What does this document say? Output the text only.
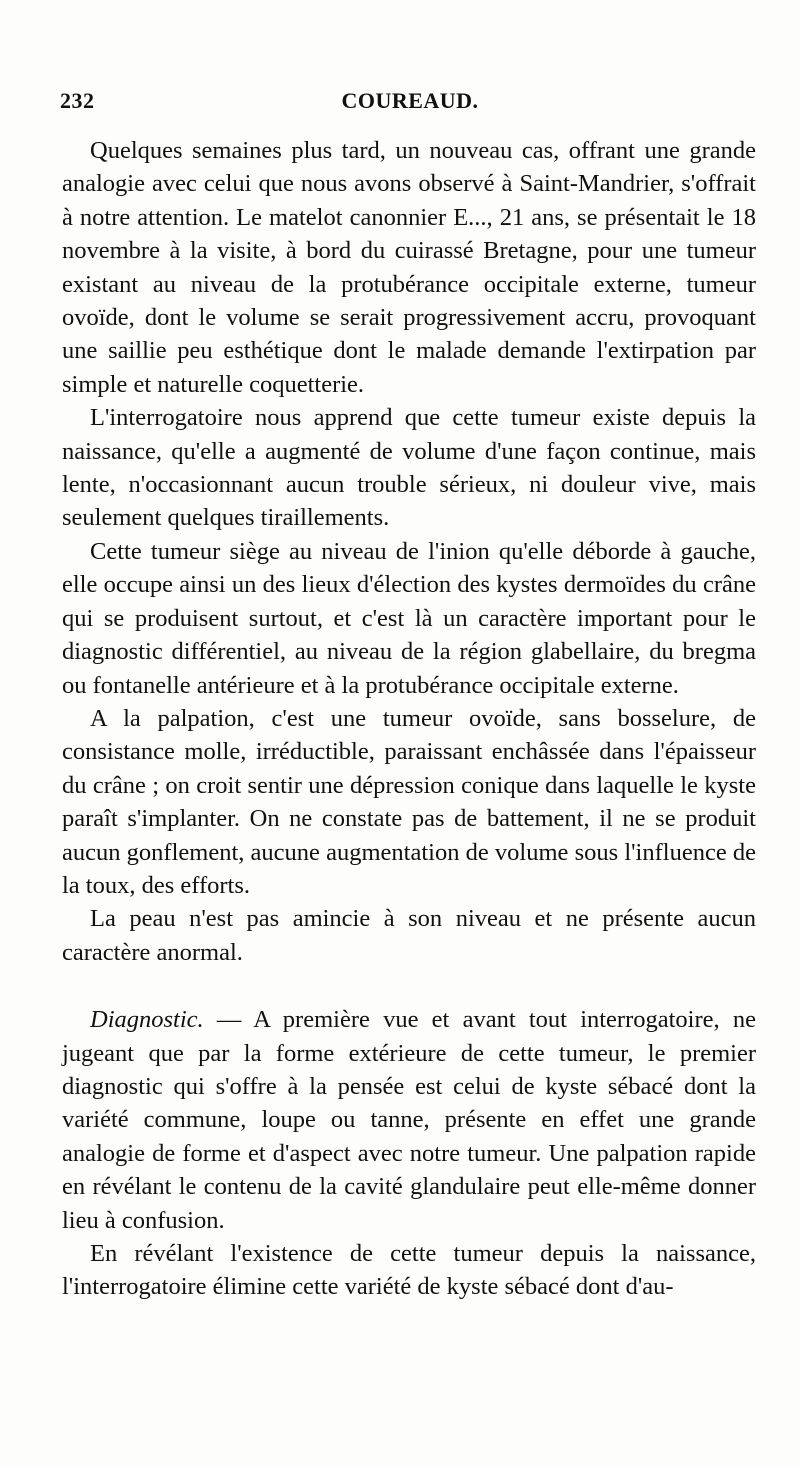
232	COUREAUD.

Quelques semaines plus tard, un nouveau cas, offrant une grande analogie avec celui que nous avons observé à Saint-Mandrier, s'offrait à notre attention. Le matelot canonnier E..., 21 ans, se présentait le 18 novembre à la visite, à bord du cuirassé Bretagne, pour une tumeur existant au niveau de la protubérance occipitale externe, tumeur ovoïde, dont le volume se serait progressivement accru, provoquant une saillie peu esthétique dont le malade demande l'extirpation par simple et naturelle coquetterie.

L'interrogatoire nous apprend que cette tumeur existe depuis la naissance, qu'elle a augmenté de volume d'une façon continue, mais lente, n'occasionnant aucun trouble sérieux, ni douleur vive, mais seulement quelques tiraillements.

Cette tumeur siège au niveau de l'inion qu'elle déborde à gauche, elle occupe ainsi un des lieux d'élection des kystes dermoïdes du crâne qui se produisent surtout, et c'est là un caractère important pour le diagnostic différentiel, au niveau de la région glabellaire, du bregma ou fontanelle antérieure et à la protubérance occipitale externe.

A la palpation, c'est une tumeur ovoïde, sans bosselure, de consistance molle, irréductible, paraissant enchâssée dans l'épaisseur du crâne ; on croit sentir une dépression conique dans laquelle le kyste paraît s'implanter. On ne constate pas de battement, il ne se produit aucun gonflement, aucune augmentation de volume sous l'influence de la toux, des efforts.

La peau n'est pas amincie à son niveau et ne présente aucun caractère anormal.

Diagnostic. — A première vue et avant tout interrogatoire, ne jugeant que par la forme extérieure de cette tumeur, le premier diagnostic qui s'offre à la pensée est celui de kyste sébacé dont la variété commune, loupe ou tanne, présente en effet une grande analogie de forme et d'aspect avec notre tumeur. Une palpation rapide en révélant le contenu de la cavité glandulaire peut elle-même donner lieu à confusion.

En révélant l'existence de cette tumeur depuis la naissance, l'interrogatoire élimine cette variété de kyste sébacé dont d'au-
